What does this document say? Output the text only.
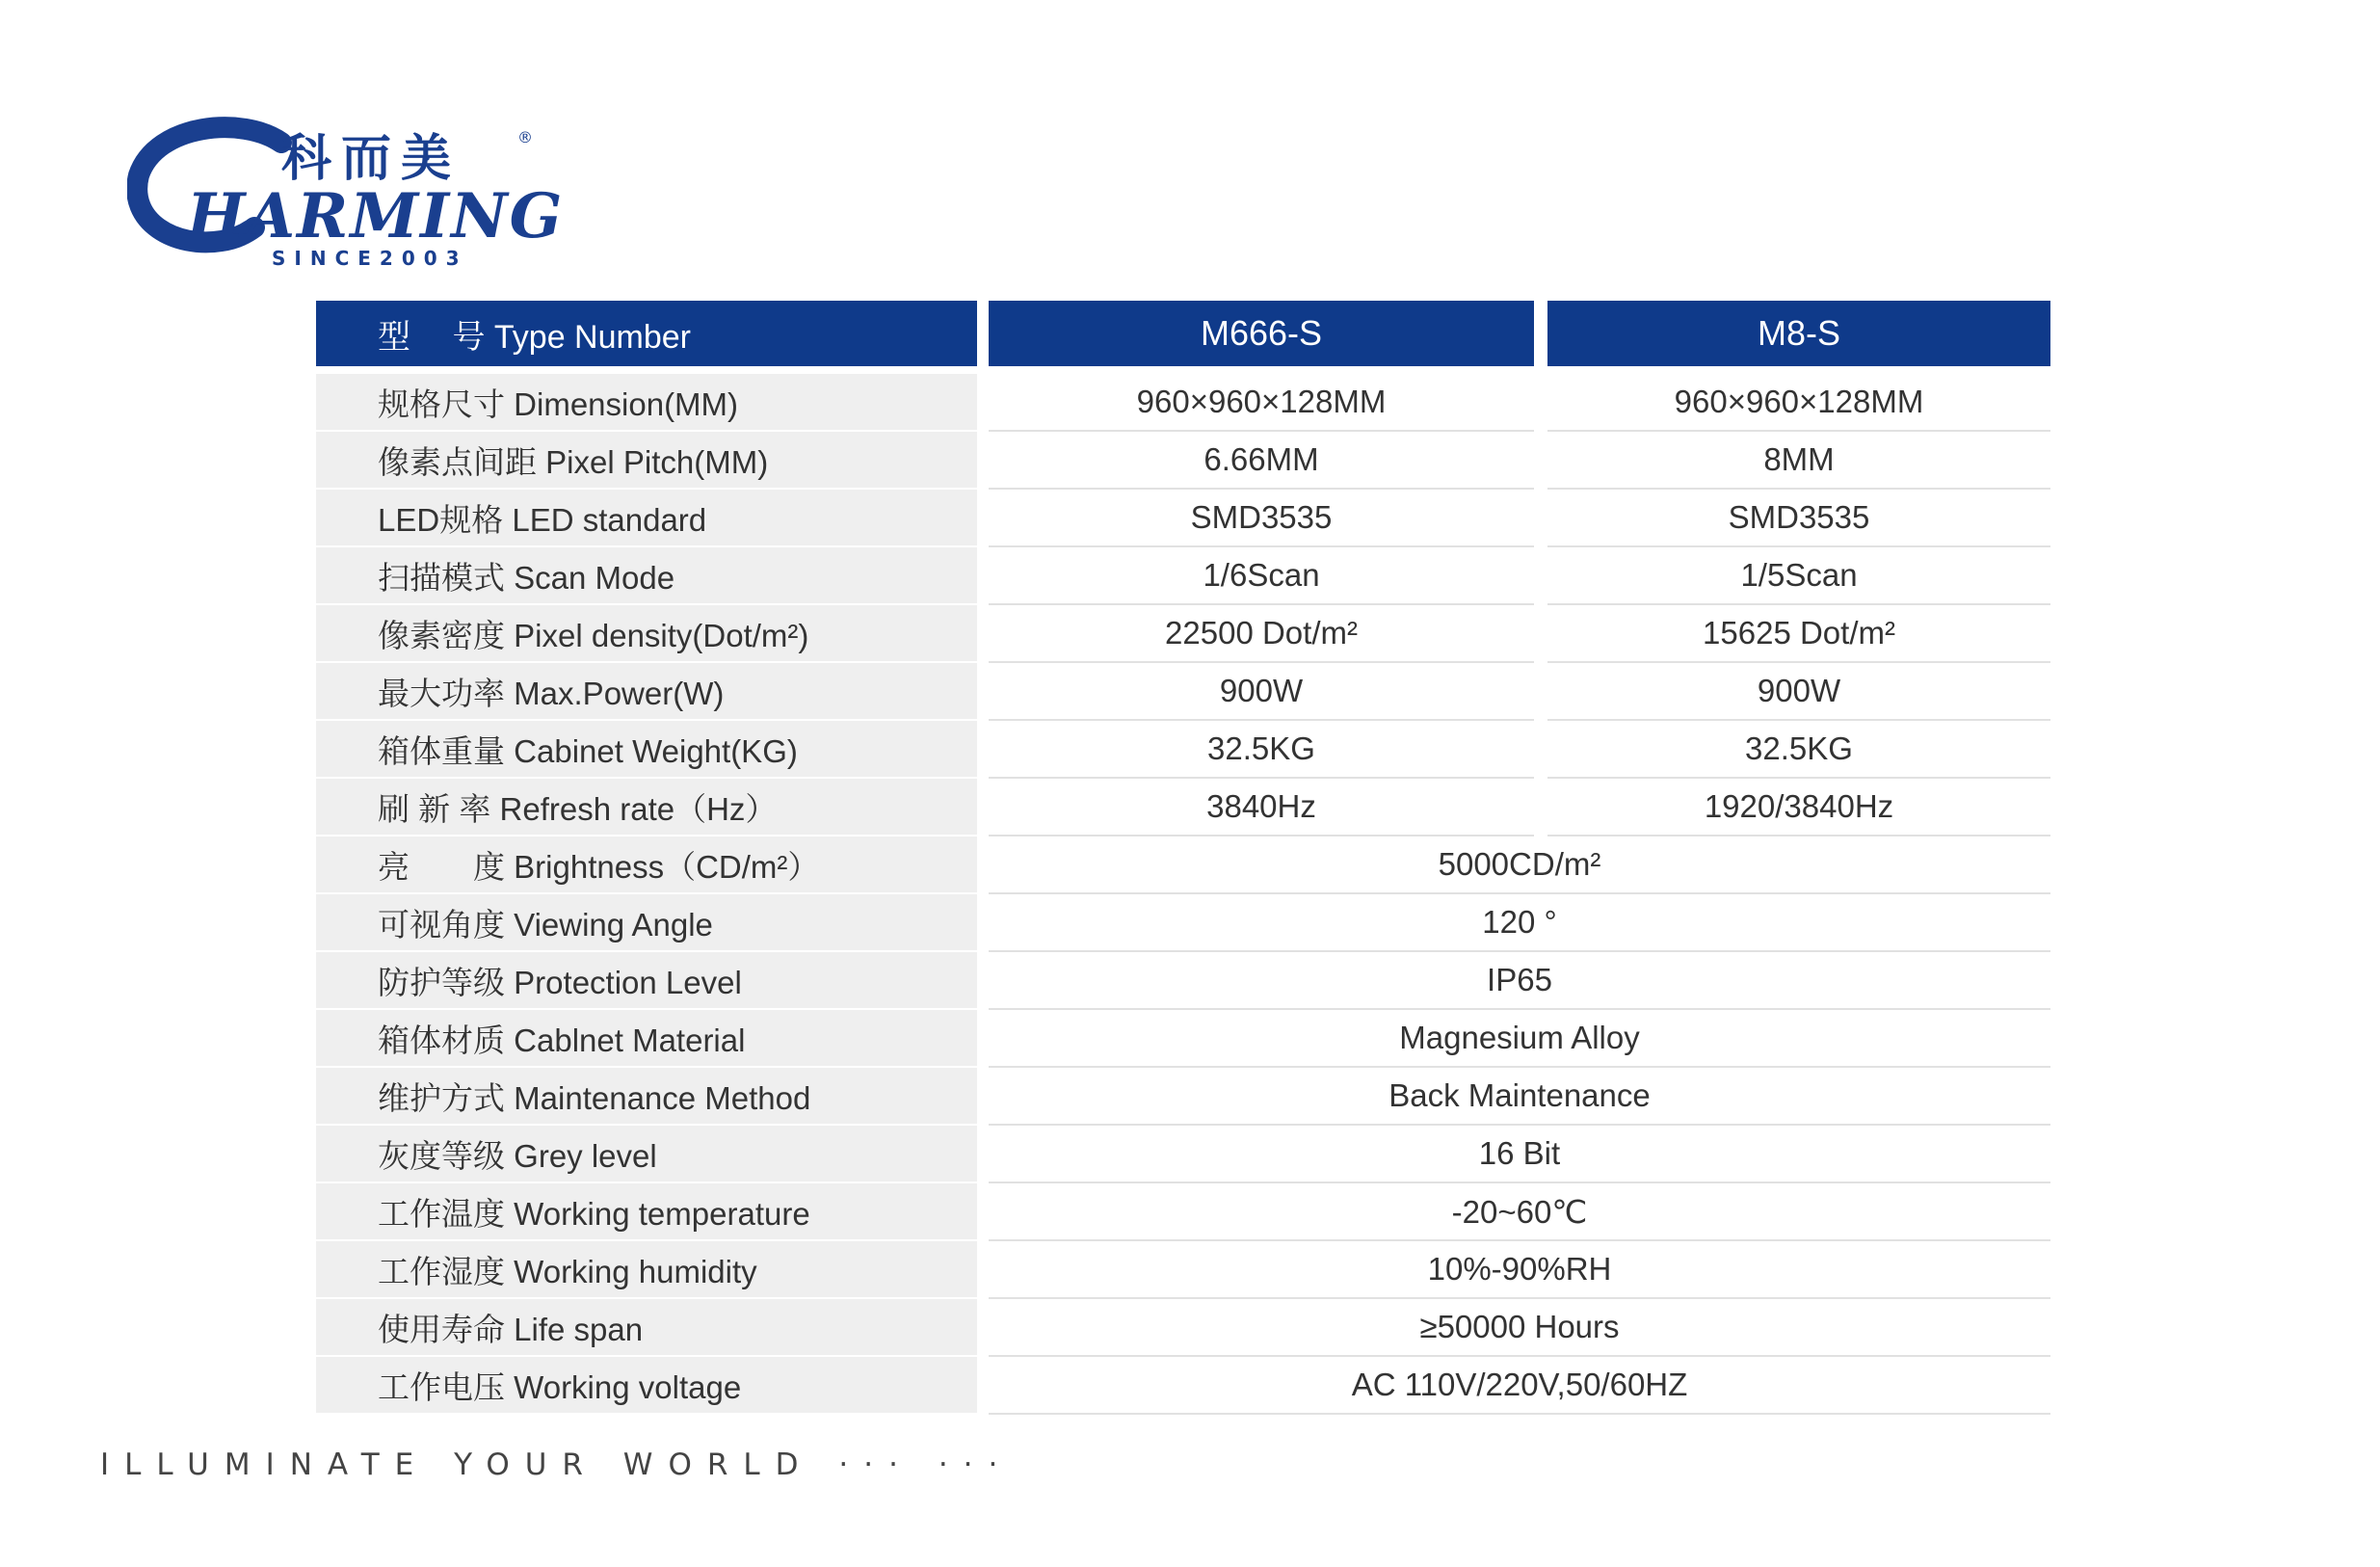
科而美	®
HARMING
SINCE2003
型　 号 Type Number	M666-S	M8-S
规格尺寸 Dimension(MM)	960×960×128MM	960×960×128MM
像素点间距 Pixel Pitch(MM)	6.66MM	8MM
LED规格 LED standard	SMD3535	SMD3535
扫描模式 Scan Mode	1/6Scan	1/5Scan
像素密度 Pixel density(Dot/m²)	22500 Dot/m²	15625 Dot/m²
最大功率 Max.Power(W)	900W	900W
箱体重量 Cabinet Weight(KG)	32.5KG	32.5KG
刷 新 率 Refresh rate（Hz）	3840Hz	1920/3840Hz
亮　　度 Brightness（CD/m²）	5000CD/m²
可视角度 Viewing Angle	120 °
防护等级 Protection Level	IP65
箱体材质 Cablnet Material	Magnesium Alloy
维护方式 Maintenance Method	Back Maintenance
灰度等级 Grey level	16 Bit
工作温度 Working temperature	-20~60℃
工作湿度 Working humidity	10%-90%RH
使用寿命 Life span	≥50000 Hours
工作电压 Working voltage	AC 110V/220V,50/60HZ
ILLUMINATE YOUR WORLD ··· ···
